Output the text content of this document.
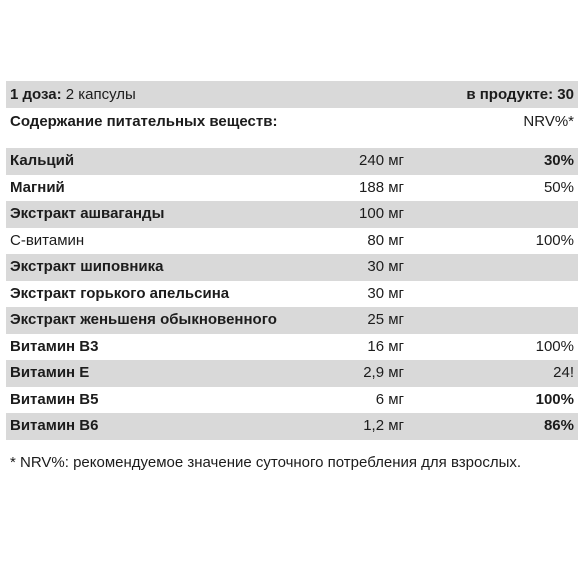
1 доза: 2 капсулы	в продукте: 30
Содержание питательных веществ:	NRV%*
Кальций	240 мг	30%
Магний	188 мг	50%
Экстракт ашваганды	100 мг
С-витамин	80 мг	100%
Экстракт шиповника	30 мг
Экстракт горького апельсина	30 мг
Экстракт женьшеня обыкновенного	25 мг
Витамин B3	16 мг	100%
Витамин E	2,9 мг	24!
Витамин B5	6 мг	100%
Витамин B6	1,2 мг	86%
* NRV%: рекомендуемое значение суточного потребления для взрослых.
